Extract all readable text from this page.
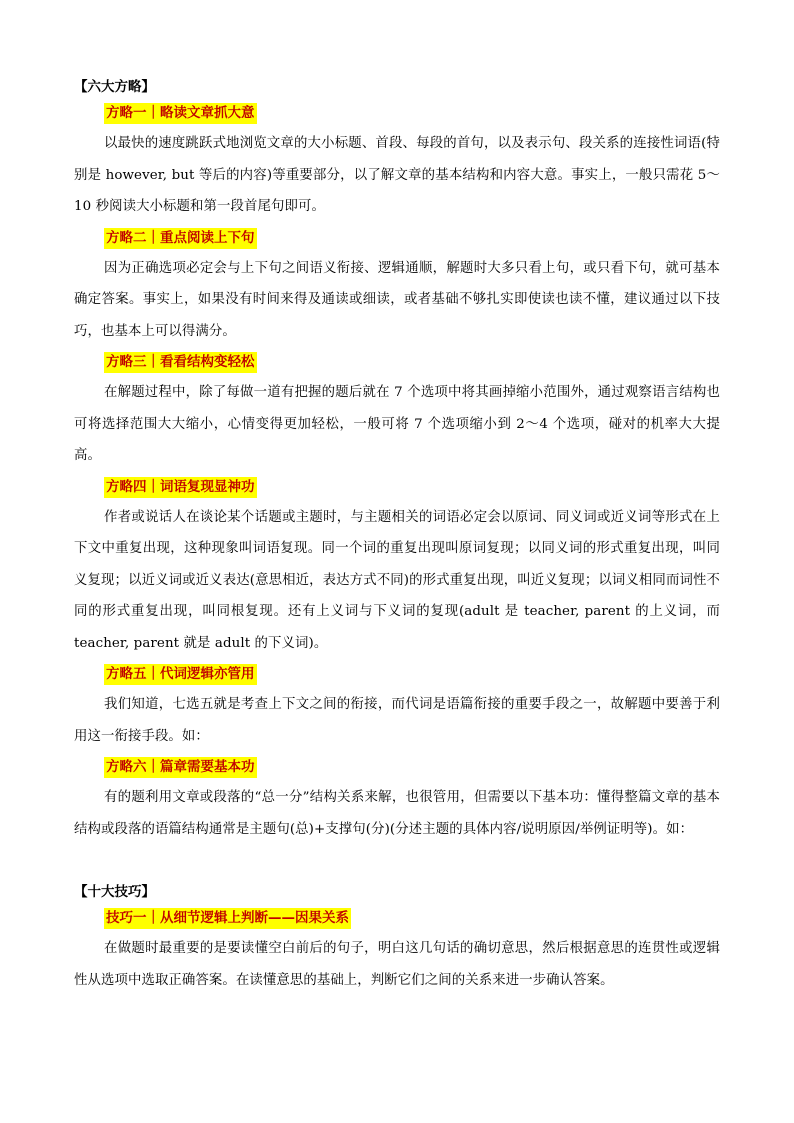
【六大方略】
方略一｜略读文章抓大意

以最快的速度跳跃式地浏览文章的大小标题、首段、每段的首句，以及表示句、段关系的连接性词语(特别是 however, but 等后的内容)等重要部分，以了解文章的基本结构和内容大意。事实上，一般只需花 5～10 秒阅读大小标题和第一段首尾句即可。

方略二｜重点阅读上下句

因为正确选项必定会与上下句之间语义衔接、逻辑通顺，解题时大多只看上句，或只看下句，就可基本确定答案。事实上，如果没有时间来得及通读或细读，或者基础不够扎实即使读也读不懂，建议通过以下技巧，也基本上可以得满分。

方略三｜看看结构变轻松

在解题过程中，除了每做一道有把握的题后就在 7 个选项中将其画掉缩小范围外，通过观察语言结构也可将选择范围大大缩小，心情变得更加轻松，一般可将 7 个选项缩小到 2～4 个选项，碰对的机率大大提高。

方略四｜词语复现显神功

作者或说话人在谈论某个话题或主题时，与主题相关的词语必定会以原词、同义词或近义词等形式在上下文中重复出现，这种现象叫词语复现。同一个词的重复出现叫原词复现；以同义词的形式重复出现，叫同义复现；以近义词或近义表达(意思相近，表达方式不同)的形式重复出现，叫近义复现；以词义相同而词性不同的形式重复出现，叫同根复现。还有上义词与下义词的复现(adult 是 teacher, parent 的上义词，而 teacher, parent 就是 adult 的下义词)。

方略五｜代词逻辑亦管用

我们知道，七选五就是考查上下文之间的衔接，而代词是语篇衔接的重要手段之一，故解题中要善于利用这一衔接手段。如：

方略六｜篇章需要基本功

有的题利用文章或段落的“总一分”结构关系来解，也很管用，但需要以下基本功：懂得整篇文章的基本结构或段落的语篇结构通常是主题句(总)+支撑句(分)(分述主题的具体内容/说明原因/举例证明等)。如：

【十大技巧】
技巧一｜从细节逻辑上判断——因果关系

在做题时最重要的是要读懂空白前后的句子，明白这几句话的确切意思，然后根据意思的连贯性或逻辑性从选项中选取正确答案。在读懂意思的基础上，判断它们之间的关系来进一步确认答案。
